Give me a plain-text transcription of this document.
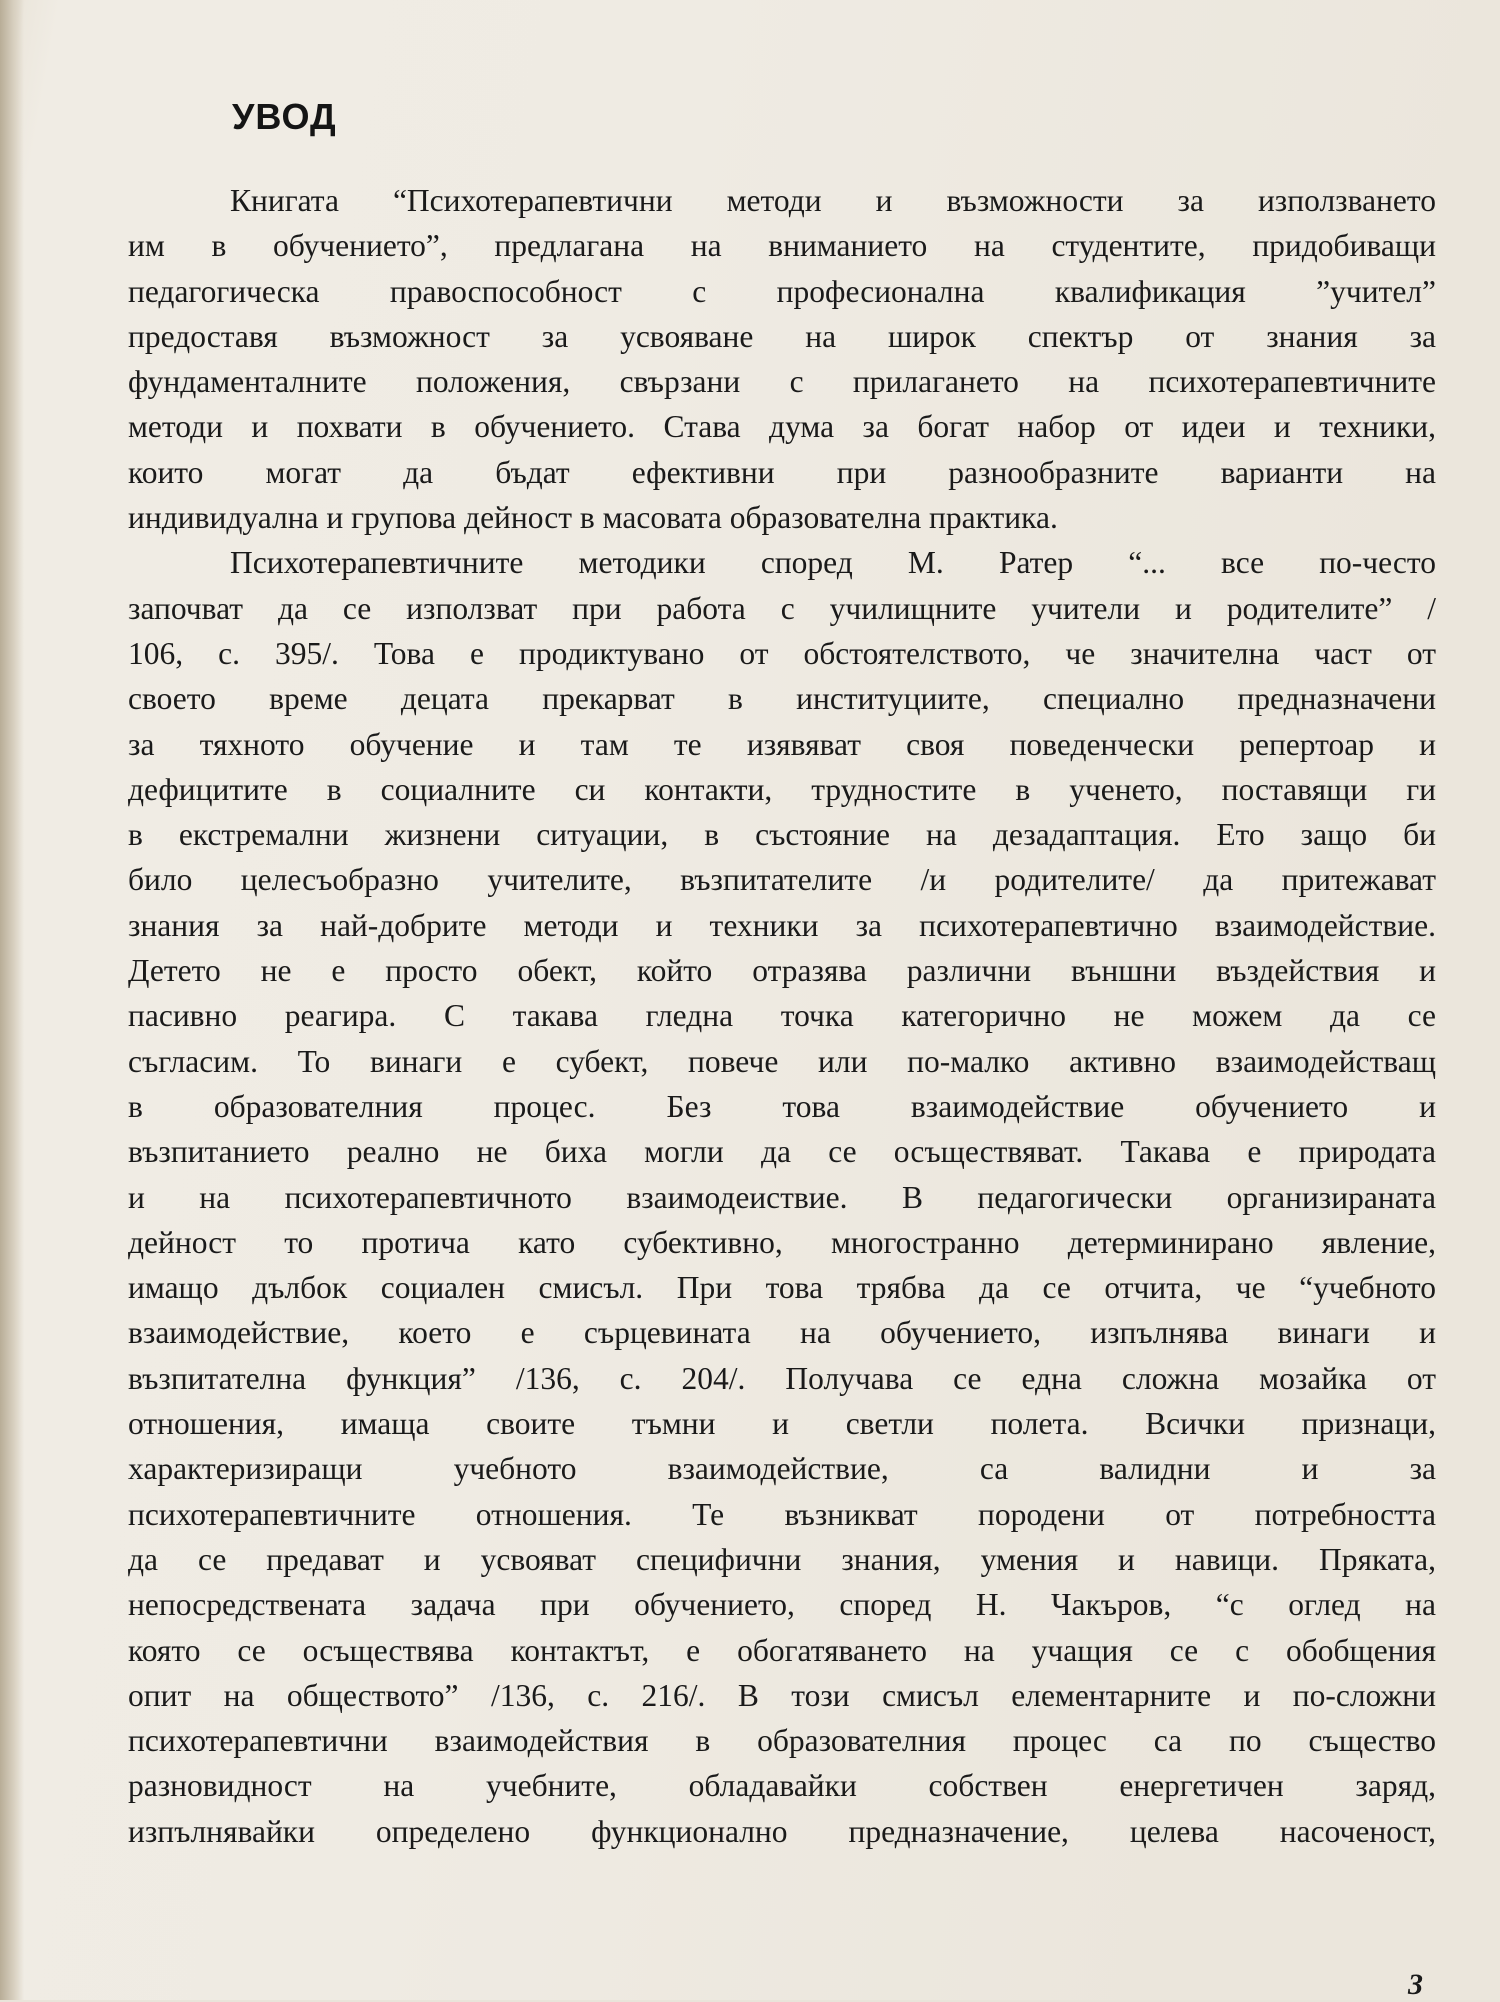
УВОД
Книгата “Психотерапевтични методи и възможности за използването
им в обучението”, предлагана на вниманието на студентите, придобиващи
педагогическа правоспособност с професионална квалификация ”учител”
предоставя възможност за усвояване на широк спектър от знания за
фундаменталните положения, свързани с прилагането на психотерапевтичните
методи и похвати в обучението. Става дума за богат набор от идеи и техники,
които могат да бъдат ефективни при разнообразните варианти на
индивидуална и групова дейност в масовата образователна практика.
Психотерапевтичните методики според М. Ратер “... все по-често
започват да се използват при работа с училищните учители и родителите” /
106, с. 395/. Това е продиктувано от обстоятелството, че значителна част от
своето време децата прекарват в институциите, специално предназначени
за тяхното обучение и там те изявяват своя поведенчески репертоар и
дефицитите в социалните си контакти, трудностите в ученето, поставящи ги
в екстремални жизнени ситуации, в състояние на дезадаптация. Ето защо би
било целесъобразно учителите, възпитателите /и родителите/ да притежават
знания за най-добрите методи и техники за психотерапевтично взаимодействие.
Детето не е просто обект, който отразява различни външни въздействия и
пасивно реагира. С такава гледна точка категорично не можем да се
съгласим. То винаги е субект, повече или по-малко активно взаимодействащ
в образователния процес. Без това взаимодействие обучението и
възпитанието реално не биха могли да се осъществяват. Такава е природата
и на психотерапевтичното взаимодеиствие. В педагогически организираната
дейност то протича като субективно, многостранно детерминирано явление,
имащо дълбок социален смисъл. При това трябва да се отчита, че “учебното
взаимодействие, което е сърцевината на обучението, изпълнява винаги и
възпитателна функция” /136, с. 204/. Получава се една сложна мозайка от
отношения, имаща своите тъмни и светли полета. Всички признаци,
характеризиращи учебното взаимодействие, са валидни и за
психотерапевтичните отношения. Те възникват породени от потребността
да се предават и усвояват специфични знания, умения и навици. Пряката,
непосредствената задача при обучението, според Н. Чакъров, “с оглед на
която се осъществява контактът, е обогатяването на учащия се с обобщения
опит на обществото” /136, с. 216/. В този смисъл елементарните и по-сложни
психотерапевтични взаимодействия в образователния процес са по същество
разновидност на учебните, обладавайки собствен енергетичен заряд,
изпълнявайки определено функционално предназначение, целева насоченост,
3
